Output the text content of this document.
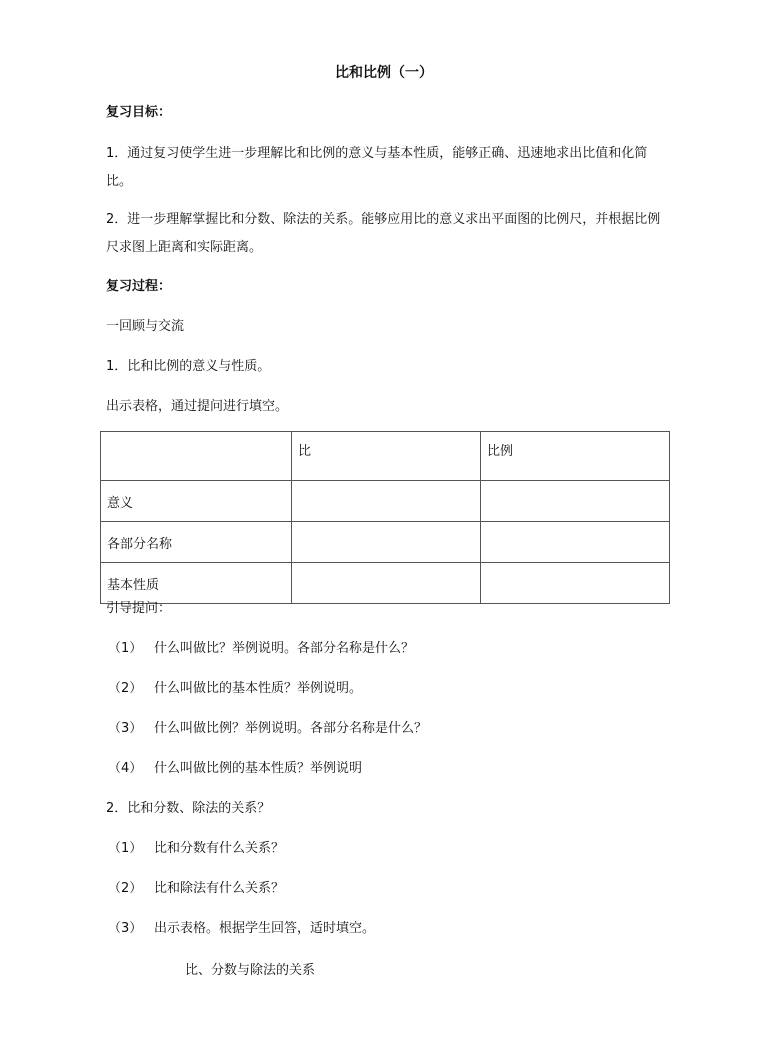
比和比例（一）
复习目标：
1．通过复习使学生进一步理解比和比例的意义与基本性质，能够正确、迅速地求出比值和化简比。
2．进一步理解掌握比和分数、除法的关系。能够应用比的意义求出平面图的比例尺，并根据比例尺求图上距离和实际距离。
复习过程：
一回顾与交流
1．比和比例的意义与性质。
出示表格，通过提问进行填空。
	比	比例
意义		
各部分名称		
基本性质		
引导提问：
（1） 什么叫做比？举例说明。各部分名称是什么？
（2） 什么叫做比的基本性质？举例说明。
（3） 什么叫做比例？举例说明。各部分名称是什么？
（4） 什么叫做比例的基本性质？举例说明
2．比和分数、除法的关系？
（1） 比和分数有什么关系？
（2） 比和除法有什么关系？
（3） 出示表格。根据学生回答，适时填空。
比、分数与除法的关系
